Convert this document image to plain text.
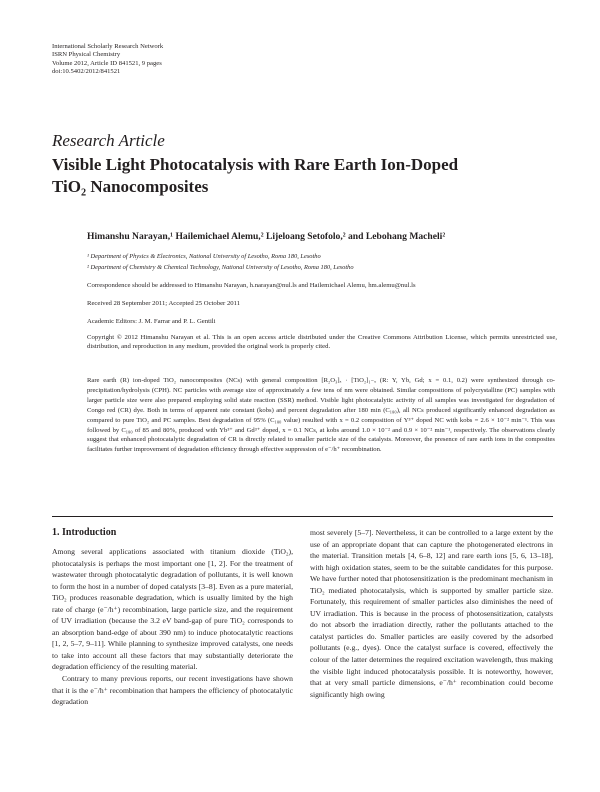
International Scholarly Research Network
ISRN Physical Chemistry
Volume 2012, Article ID 841521, 9 pages
doi:10.5402/2012/841521
Research Article
Visible Light Photocatalysis with Rare Earth Ion-Doped
TiO₂ Nanocomposites
Himanshu Narayan,¹ Hailemichael Alemu,² Lijeloang Setofolo,² and Lebohang Macheli²
¹ Department of Physics & Electronics, National University of Lesotho, Roma 180, Lesotho
² Department of Chemistry & Chemical Technology, National University of Lesotho, Roma 180, Lesotho
Correspondence should be addressed to Himanshu Narayan, h.narayan@nul.ls and Hailemichael Alemu, hm.alemu@nul.ls
Received 28 September 2011; Accepted 25 October 2011
Academic Editors: J. M. Farrar and P. L. Gentili
Copyright © 2012 Himanshu Narayan et al. This is an open access article distributed under the Creative Commons Attribution License, which permits unrestricted use, distribution, and reproduction in any medium, provided the original work is properly cited.
Rare earth (R) ion-doped TiO₂ nanocomposites (NCs) with general composition [R₂O₃]ₓ · [TiO₂]₁₋ₓ (R: Y, Yb, Gd; x = 0.1, 0.2) were synthesized through co-precipitation/hydrolysis (CPH). NC particles with average size of approximately a few tens of nm were obtained. Similar compositions of polycrystalline (PC) samples with larger particle size were also prepared employing solid state reaction (SSR) method. Visible light photocatalytic activity of all samples was investigated for degradation of Congo red (CR) dye. Both in terms of apparent rate constant (kobs) and percent degradation after 180 min (C₁₈₀), all NCs produced significantly enhanced degradation as compared to pure TiO₂ and PC samples. Best degradation of 95% (C₁₈₀ value) resulted with x = 0.2 composition of Y³⁺ doped NC with kobs = 2.6 × 10⁻² min⁻¹. This was followed by C₁₈₀ of 85 and 80%, produced with Yb³⁺ and Gd³⁺ doped, x = 0.1 NCs, at kobs around 1.0 × 10⁻² and 0.9 × 10⁻² min⁻¹, respectively. The observations clearly suggest that enhanced photocatalytic degradation of CR is directly related to smaller particle size of the catalysts. Moreover, the presence of rare earth ions in the composites facilitates further improvement of degradation efficiency through effective suppression of e⁻/h⁺ recombination.
1. Introduction

Among several applications associated with titanium dioxide (TiO₂), photocatalysis is perhaps the most important one [1, 2]. For the treatment of wastewater through photocatalytic degradation of pollutants, it is well known to form the host in a number of doped catalysts [3–8]. Even as a pure material, TiO₂ produces reasonable degradation, which is usually limited by the high rate of charge (e⁻/h⁺) recombination, large particle size, and the requirement of UV irradiation (because the 3.2 eV band-gap of pure TiO₂ corresponds to an absorption band-edge of about 390 nm) to induce photocatalytic reactions [1, 2, 5–7, 9–11]. While planning to synthesize improved catalysts, one needs to take into account all these factors that may substantially deteriorate the degradation efficiency of the resulting material.

Contrary to many previous reports, our recent investigations have shown that it is the e⁻/h⁺ recombination that hampers the efficiency of photocatalytic degradation

most severely [5–7]. Nevertheless, it can be controlled to a large extent by the use of an appropriate dopant that can capture the photogenerated electrons in the material. Transition metals [4, 6–8, 12] and rare earth ions [5, 6, 13–18], with high oxidation states, seem to be the suitable candidates for this purpose. We have further noted that photosensitization is the predominant mechanism in TiO₂ mediated photocatalysis, which is supported by smaller particle size. Fortunately, this requirement of smaller particles also diminishes the need of UV irradiation. This is because in the process of photosensitization, catalysts do not absorb the irradiation directly, rather the pollutants attached to the catalyst particles do. Smaller particles are easily covered by the adsorbed pollutants (e.g., dyes). Once the catalyst surface is covered, effectively the colour of the latter determines the required excitation wavelength, thus making the visible light induced photocatalysis possible. It is noteworthy, however, that at very small particle dimensions, e⁻/h⁺ recombination could become significantly high owing
